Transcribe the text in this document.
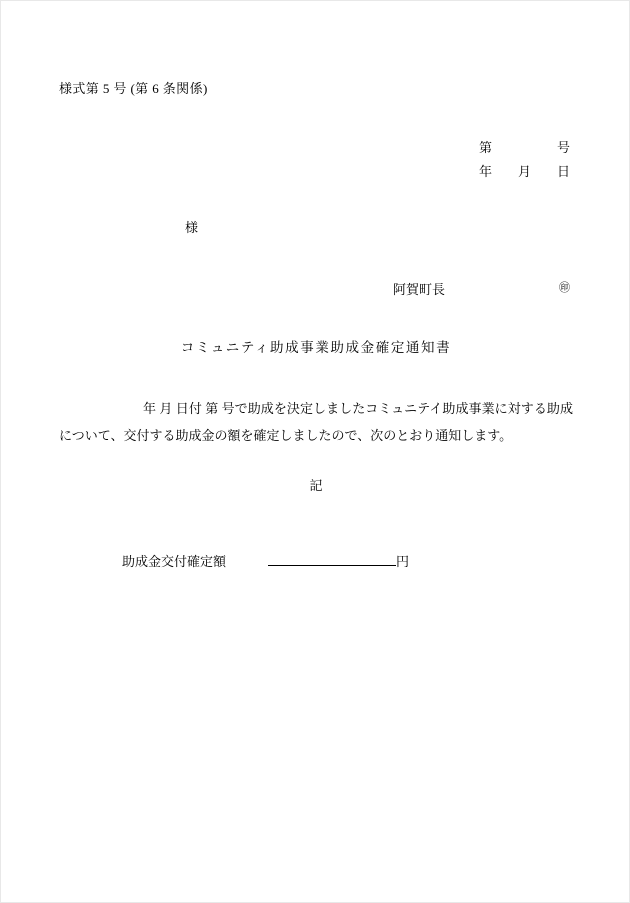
様式第 5 号 (第 6 条関係)
第                    号
年        月        日
様
阿賀町長	㊞
コミュニティ助成事業助成金確定通知書
年 月 日付 第 号で助成を決定しましたコミュニテイ助成事業に対する助成について、交付する助成金の額を確定しましたので、次のとおり通知します。
記

助成金交付確定額	円
